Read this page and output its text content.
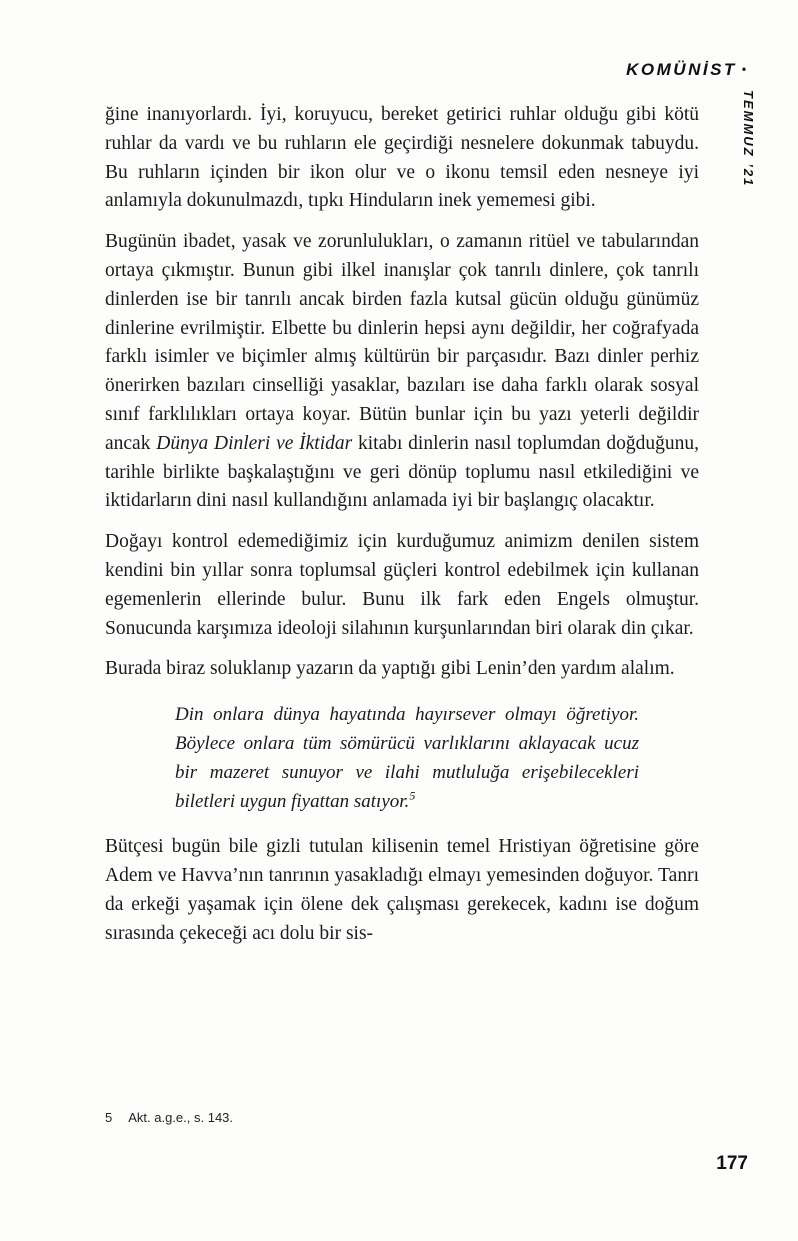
KOMÜNİST •
TEMMUZ ’21

ğine inanıyorlardı. İyi, koruyucu, bereket getirici ruhlar olduğu gibi kötü ruhlar da vardı ve bu ruhların ele geçirdiği nesnelere dokunmak tabuydu. Bu ruhların içinden bir ikon olur ve o ikonu temsil eden nesneye iyi anlamıyla dokunulmazdı, tıpkı Hinduların inek yememesi gibi.

Bugünün ibadet, yasak ve zorunlulukları, o zamanın ritüel ve tabularından ortaya çıkmıştır. Bunun gibi ilkel inanışlar çok tanrılı dinlere, çok tanrılı dinlerden ise bir tanrılı ancak birden fazla kutsal gücün olduğu günümüz dinlerine evrilmiştir. Elbette bu dinlerin hepsi aynı değildir, her coğrafyada farklı isimler ve biçimler almış kültürün bir parçasıdır. Bazı dinler perhiz önerirken bazıları cinselliği yasaklar, bazıları ise daha farklı olarak sosyal sınıf farklılıkları ortaya koyar. Bütün bunlar için bu yazı yeterli değildir ancak Dünya Dinleri ve İktidar kitabı dinlerin nasıl toplumdan doğduğunu, tarihle birlikte başkalaştığını ve geri dönüp toplumu nasıl etkilediğini ve iktidarların dini nasıl kullandığını anlamada iyi bir başlangıç olacaktır.

Doğayı kontrol edemediğimiz için kurduğumuz animizm denilen sistem kendini bin yıllar sonra toplumsal güçleri kontrol edebilmek için kullanan egemenlerin ellerinde bulur. Bunu ilk fark eden Engels olmuştur. Sonucunda karşımıza ideoloji silahının kurşunlarından biri olarak din çıkar.

Burada biraz soluklanıp yazarın da yaptığı gibi Lenin’den yardım alalım.

Din onlara dünya hayatında hayırsever olmayı öğretiyor. Böylece onlara tüm sömürücü varlıklarını aklayacak ucuz bir mazeret sunuyor ve ilahi mutluluğa erişebilecekleri biletleri uygun fiyattan satıyor.$^5$

Bütçesi bugün bile gizli tutulan kilisenin temel Hristiyan öğretisine göre Adem ve Havva’nın tanrının yasakladığı elmayı yemesinden doğuyor. Tanrı da erkeği yaşamak için ölene dek çalışması gerekecek, kadını ise doğum sırasında çekeceği acı dolu bir sis-

5 Akt. a.g.e., s. 143.
177
